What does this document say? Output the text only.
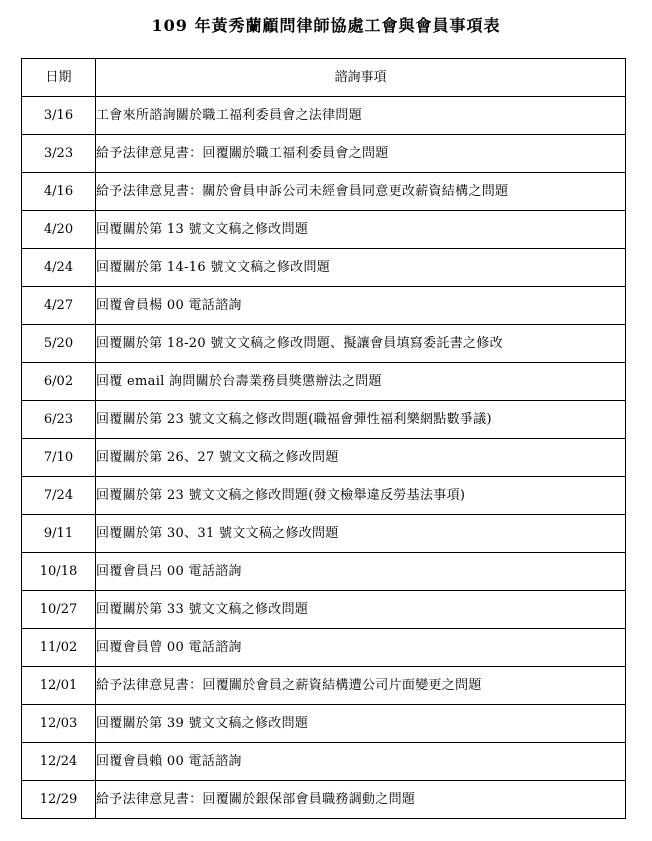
109 年黃秀蘭顧問律師協處工會與會員事項表
日期	諮詢事項
3/16	工會來所諮詢關於職工福利委員會之法律問題
3/23	給予法律意見書：回覆關於職工福利委員會之問題
4/16	給予法律意見書：關於會員申訴公司未經會員同意更改薪資結構之問題
4/20	回覆關於第 13 號文文稿之修改問題
4/24	回覆關於第 14-16 號文文稿之修改問題
4/27	回覆會員楊 00 電話諮詢
5/20	回覆關於第 18-20 號文文稿之修改問題、擬讓會員填寫委託書之修改
6/02	回覆 email 詢問關於台壽業務員獎懲辦法之問題
6/23	回覆關於第 23 號文文稿之修改問題(職福會彈性福利樂網點數爭議)
7/10	回覆關於第 26、27 號文文稿之修改問題
7/24	回覆關於第 23 號文文稿之修改問題(發文檢舉違反勞基法事項)
9/11	回覆關於第 30、31 號文文稿之修改問題
10/18	回覆會員呂 00 電話諮詢
10/27	回覆關於第 33 號文文稿之修改問題
11/02	回覆會員曾 00 電話諮詢
12/01	給予法律意見書：回覆關於會員之薪資結構遭公司片面變更之問題
12/03	回覆關於第 39 號文文稿之修改問題
12/24	回覆會員賴 00 電話諮詢
12/29	給予法律意見書：回覆關於銀保部會員職務調動之問題
